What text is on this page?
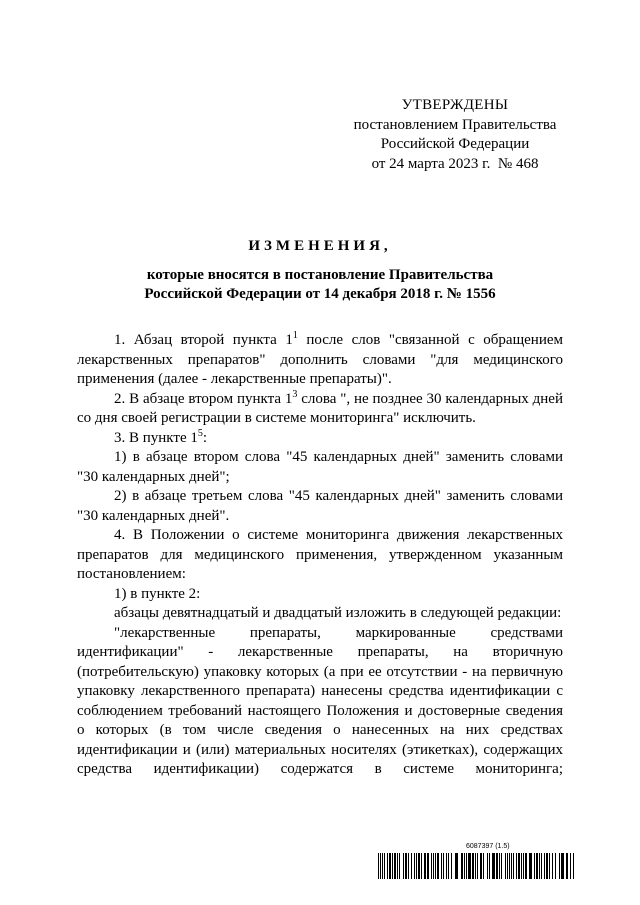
УТВЕРЖДЕНЫ
постановлением Правительства
Российской Федерации
от 24 марта 2023 г.  № 468
ИЗМЕНЕНИЯ,
которые вносятся в постановление Правительства
Российской Федерации от 14 декабря 2018 г. № 1556

1. Абзац второй пункта $1^1$ после слов "связанной с обращением лекарственных препаратов" дополнить словами "для медицинского применения (далее - лекарственные препараты)".

2. В абзаце втором пункта $1^3$ слова ", не позднее 30 календарных дней со дня своей регистрации в системе мониторинга" исключить.

3. В пункте $1^5$:

1) в абзаце втором слова "45 календарных дней" заменить словами "30 календарных дней";

2) в абзаце третьем слова "45 календарных дней" заменить словами "30 календарных дней".

4. В Положении о системе мониторинга движения лекарственных препаратов для медицинского применения, утвержденном указанным постановлением:

1) в пункте 2:

абзацы девятнадцатый и двадцатый изложить в следующей редакции:

"лекарственные препараты, маркированные средствами идентификации" - лекарственные препараты, на вторичную (потребительскую) упаковку которых (а при ее отсутствии - на первичную упаковку лекарственного препарата) нанесены средства идентификации с соблюдением требований настоящего Положения и достоверные сведения о которых (в том числе сведения о нанесенных на них средствах идентификации и (или) материальных носителях (этикетках), содержащих средства идентификации) содержатся в системе мониторинга;

6087397 (1.5)
